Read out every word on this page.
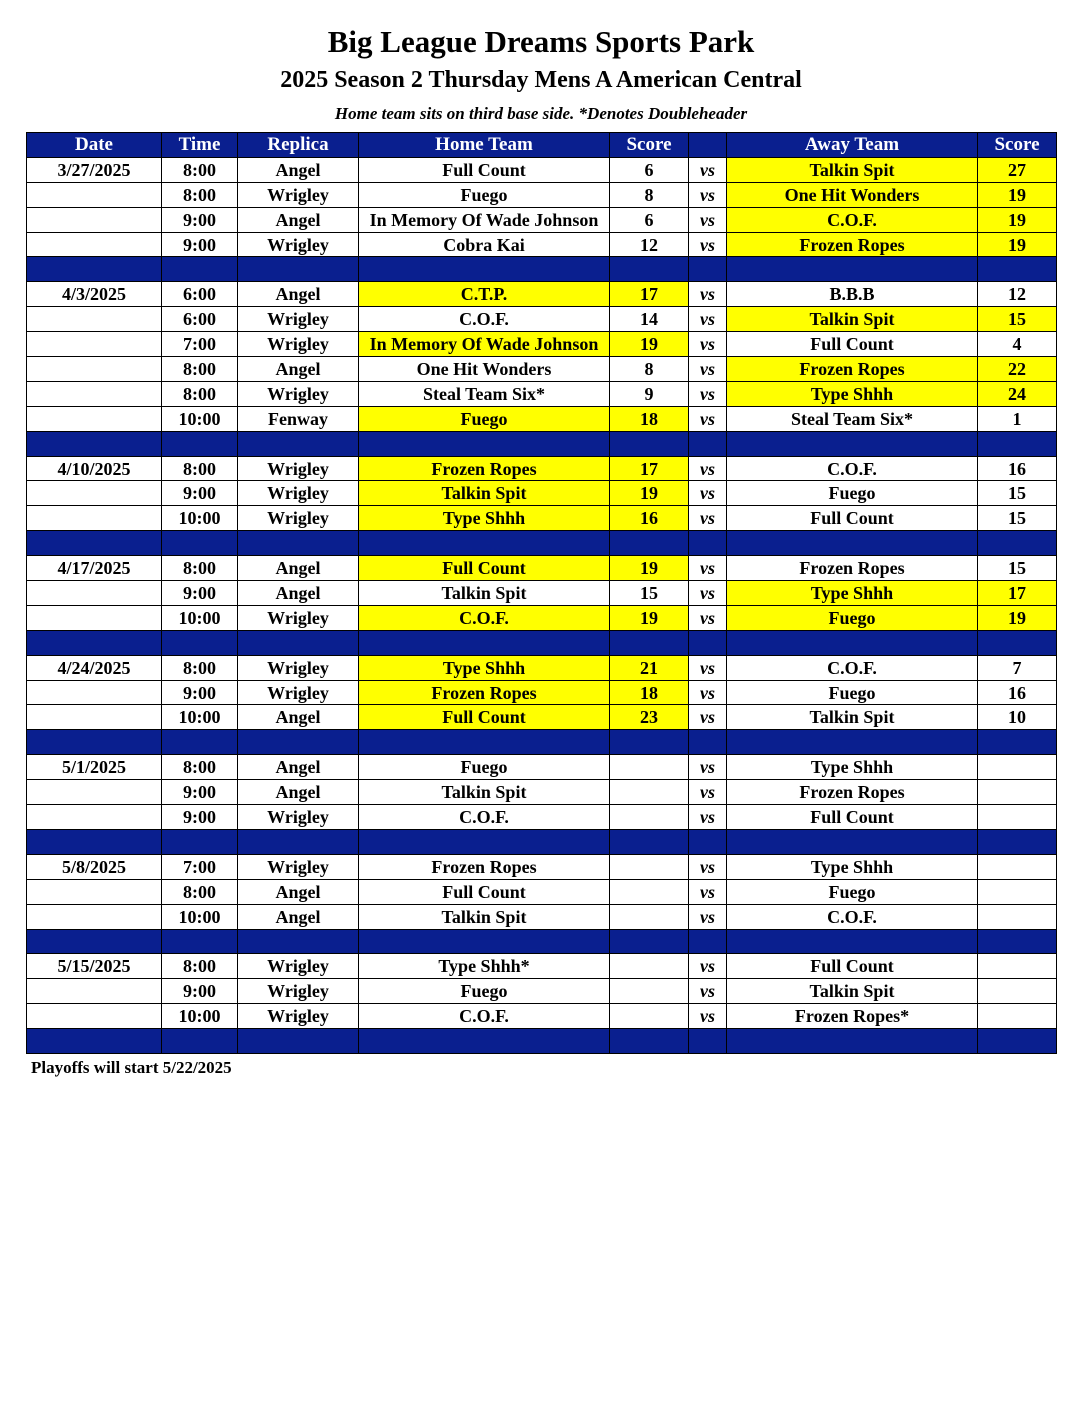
Big League Dreams Sports Park
2025 Season 2 Thursday Mens A American Central
Home team sits on third base side. *Denotes Doubleheader
Date	Time	Replica	Home Team	Score		Away Team	Score
3/27/2025	8:00	Angel	Full Count	6	vs	Talkin Spit	27
	8:00	Wrigley	Fuego	8	vs	One Hit Wonders	19
	9:00	Angel	In Memory Of Wade Johnson	6	vs	C.O.F.	19
	9:00	Wrigley	Cobra Kai	12	vs	Frozen Ropes	19

4/3/2025	6:00	Angel	C.T.P.	17	vs	B.B.B	12
	6:00	Wrigley	C.O.F.	14	vs	Talkin Spit	15
	7:00	Wrigley	In Memory Of Wade Johnson	19	vs	Full Count	4
	8:00	Angel	One Hit Wonders	8	vs	Frozen Ropes	22
	8:00	Wrigley	Steal Team Six*	9	vs	Type Shhh	24
	10:00	Fenway	Fuego	18	vs	Steal Team Six*	1

4/10/2025	8:00	Wrigley	Frozen Ropes	17	vs	C.O.F.	16
	9:00	Wrigley	Talkin Spit	19	vs	Fuego	15
	10:00	Wrigley	Type Shhh	16	vs	Full Count	15

4/17/2025	8:00	Angel	Full Count	19	vs	Frozen Ropes	15
	9:00	Angel	Talkin Spit	15	vs	Type Shhh	17
	10:00	Wrigley	C.O.F.	19	vs	Fuego	19

4/24/2025	8:00	Wrigley	Type Shhh	21	vs	C.O.F.	7
	9:00	Wrigley	Frozen Ropes	18	vs	Fuego	16
	10:00	Angel	Full Count	23	vs	Talkin Spit	10

5/1/2025	8:00	Angel	Fuego		vs	Type Shhh	
	9:00	Angel	Talkin Spit		vs	Frozen Ropes	
	9:00	Wrigley	C.O.F.		vs	Full Count	

5/8/2025	7:00	Wrigley	Frozen Ropes		vs	Type Shhh	
	8:00	Angel	Full Count		vs	Fuego	
	10:00	Angel	Talkin Spit		vs	C.O.F.	

5/15/2025	8:00	Wrigley	Type Shhh*		vs	Full Count	
	9:00	Wrigley	Fuego		vs	Talkin Spit	
	10:00	Wrigley	C.O.F.		vs	Frozen Ropes*	

Playoffs will start 5/22/2025
